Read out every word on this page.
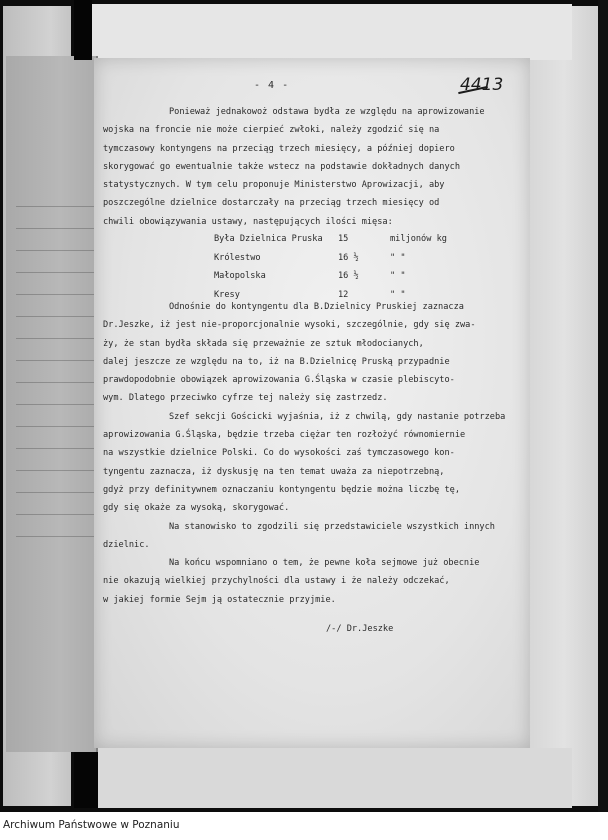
- 4 -	4413
Ponieważ jednakowoż odstawa bydła ze względu na aprowizowanie
wojska na froncie nie może cierpieć zwłoki, należy zgodzić się na
tymczasowy kontyngens na przeciąg trzech miesięcy, a później dopiero
skorygować go ewentualnie także wstecz na podstawie dokładnych danych
statystycznych. W tym celu proponuje Ministerstwo Aprowizacji, aby
poszczególne dzielnice dostarczały na przeciąg trzech miesięcy od
chwili obowiązywania ustawy, następujących ilości mięsa:
Była Dzielnica Pruska	15	miljonów kg
Królestwo	16 ½	" "
Małopolska	16 ½	" "
Kresy	12	" "
Odnośnie do kontyngentu dla B.Dzielnicy Pruskiej zaznacza
Dr.Jeszke, iż jest nie-proporcjonalnie wysoki, szczególnie, gdy się zwa-
ży, że stan bydła składa się przeważnie ze sztuk młodocianych,
dalej jeszcze ze względu na to, iż na B.Dzielnicę Pruską przypadnie
prawdopodobnie obowiązek aprowizowania G.Śląska w czasie plebiscyto-
wym. Dlatego przeciwko cyfrze tej należy się zastrzedz.
Szef sekcji Gościcki wyjaśnia, iż z chwilą, gdy nastanie potrzeba
aprowizowania G.Śląska, będzie trzeba ciężar ten rozłożyć równomiernie
na wszystkie dzielnice Polski. Co do wysokości zaś tymczasowego kon-
tyngentu zaznacza, iż dyskusję na ten temat uważa za niepotrzebną,
gdyż przy definitywnem oznaczaniu kontyngentu będzie można liczbę tę,
gdy się okaże za wysoką, skorygować.
Na stanowisko to zgodzili się przedstawiciele wszystkich innych
dzielnic.
Na końcu wspomniano o tem, że pewne koła sejmowe już obecnie
nie okazują wielkiej przychylności dla ustawy i że należy odczekać,
w jakiej formie Sejm ją ostatecznie przyjmie.
/-/ Dr.Jeszke
Archiwum Państwowe w Poznaniu
